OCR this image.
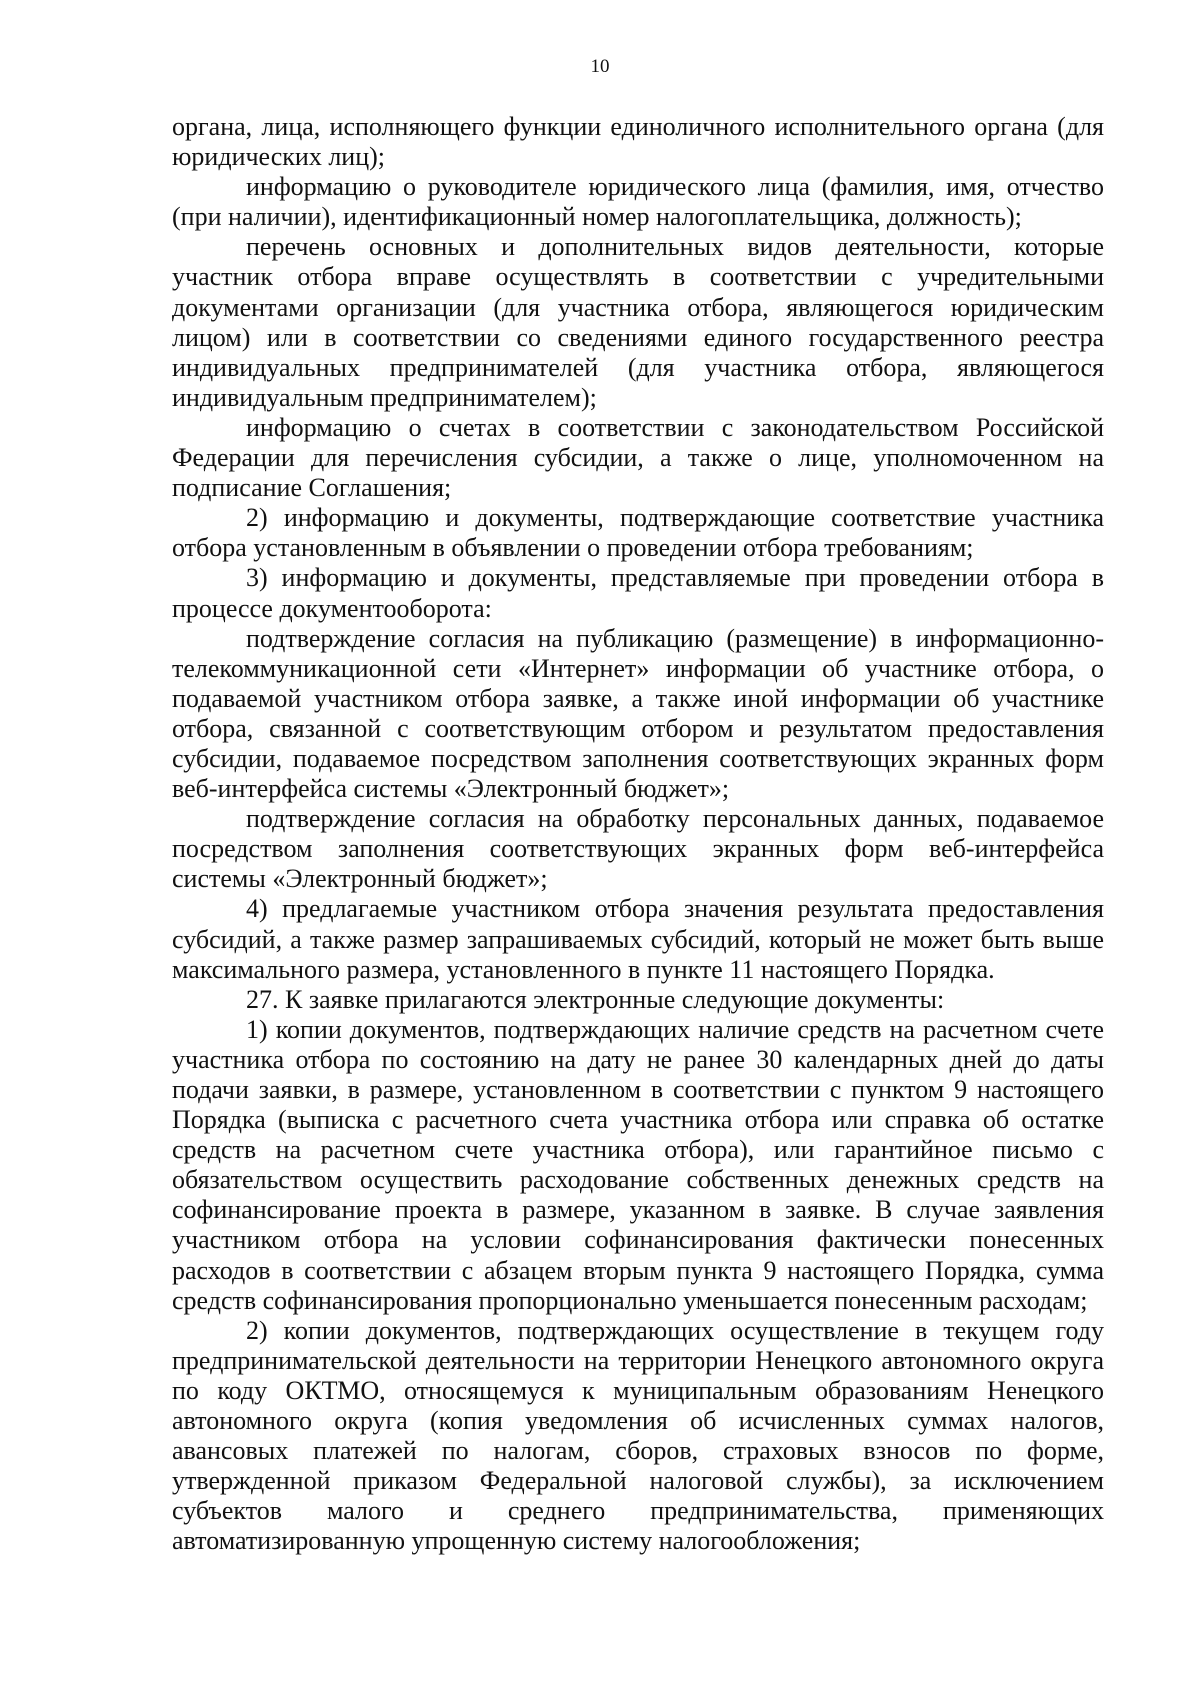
10

органа, лица, исполняющего функции единоличного исполнительного органа (для юридических лиц);

информацию о руководителе юридического лица (фамилия, имя, отчество (при наличии), идентификационный номер налогоплательщика, должность);

перечень основных и дополнительных видов деятельности, которые участник отбора вправе осуществлять в соответствии с учредительными документами организации (для участника отбора, являющегося юридическим лицом) или в соответствии со сведениями единого государственного реестра индивидуальных предпринимателей (для участника отбора, являющегося индивидуальным предпринимателем);

информацию о счетах в соответствии с законодательством Российской Федерации для перечисления субсидии, а также о лице, уполномоченном на подписание Соглашения;

2) информацию и документы, подтверждающие соответствие участника отбора установленным в объявлении о проведении отбора требованиям;

3) информацию и документы, представляемые при проведении отбора в процессе документооборота:

подтверждение согласия на публикацию (размещение) в информационно-телекоммуникационной сети «Интернет» информации об участнике отбора, о подаваемой участником отбора заявке, а также иной информации об участнике отбора, связанной с соответствующим отбором и результатом предоставления субсидии, подаваемое посредством заполнения соответствующих экранных форм веб-интерфейса системы «Электронный бюджет»;

подтверждение согласия на обработку персональных данных, подаваемое посредством заполнения соответствующих экранных форм веб-интерфейса системы «Электронный бюджет»;

4) предлагаемые участником отбора значения результата предоставления субсидий, а также размер запрашиваемых субсидий, который не может быть выше максимального размера, установленного в пункте 11 настоящего Порядка.

27. К заявке прилагаются электронные следующие документы:

1) копии документов, подтверждающих наличие средств на расчетном счете участника отбора по состоянию на дату не ранее 30 календарных дней до даты подачи заявки, в размере, установленном в соответствии с пунктом 9 настоящего Порядка (выписка с расчетного счета участника отбора или справка об остатке средств на расчетном счете участника отбора), или гарантийное письмо с обязательством осуществить расходование собственных денежных средств на софинансирование проекта в размере, указанном в заявке. В случае заявления участником отбора на условии софинансирования фактически понесенных расходов в соответствии с абзацем вторым пункта 9 настоящего Порядка, сумма средств софинансирования пропорционально уменьшается понесенным расходам;

2) копии документов, подтверждающих осуществление в текущем году предпринимательской деятельности на территории Ненецкого автономного округа по коду ОКТМО, относящемуся к муниципальным образованиям Ненецкого автономного округа (копия уведомления об исчисленных суммах налогов, авансовых платежей по налогам, сборов, страховых взносов по форме, утвержденной приказом Федеральной налоговой службы), за исключением субъектов малого и среднего предпринимательства, применяющих автоматизированную упрощенную систему налогообложения;
